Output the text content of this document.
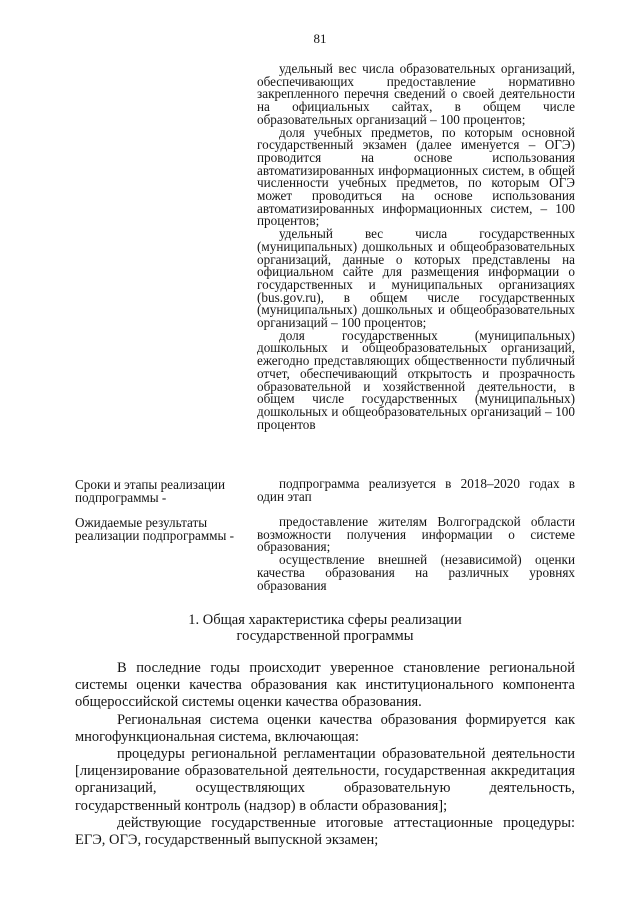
81

удельный вес числа образовательных организаций, обеспечивающих предоставление нормативно закрепленного перечня сведений о своей деятельности на официальных сайтах, в общем числе образовательных организаций – 100 процентов;

доля учебных предметов, по которым основной государственный экзамен (далее именуется – ОГЭ) проводится на основе использования автоматизированных информационных систем, в общей численности учебных предметов, по которым ОГЭ может проводиться на основе использования автоматизированных информационных систем, – 100 процентов;

удельный вес числа государственных (муниципальных) дошкольных и общеобразовательных организаций, данные о которых представлены на официальном сайте для размещения информации о государственных и муниципальных организациях (bus.gov.ru), в общем числе государственных (муниципальных) дошкольных и общеобразовательных организаций – 100 процентов;

доля государственных (муниципальных) дошкольных и общеобразовательных организаций, ежегодно представляющих общественности публичный отчет, обеспечивающий открытость и прозрачность образовательной и хозяйственной деятельности, в общем числе государственных (муниципальных) дошкольных и общеобразовательных организаций – 100 процентов

Сроки и этапы реализации подпрограммы -

подпрограмма реализуется в 2018–2020 годах в один этап

Ожидаемые результаты реализации подпрограммы -

предоставление жителям Волгоградской области возможности получения информации о системе образования;

осуществление внешней (независимой) оценки качества образования на различных уровнях образования

1. Общая характеристика сферы реализации
государственной программы

В последние годы происходит уверенное становление региональной системы оценки качества образования как институционального компонента общероссийской системы оценки качества образования.

Региональная система оценки качества образования формируется как многофункциональная система, включающая:

процедуры региональной регламентации образовательной деятельности [лицензирование образовательной деятельности, государственная аккредитация организаций, осуществляющих образовательную деятельность, государственный контроль (надзор) в области образования];

действующие государственные итоговые аттестационные процедуры: ЕГЭ, ОГЭ, государственный выпускной экзамен;
